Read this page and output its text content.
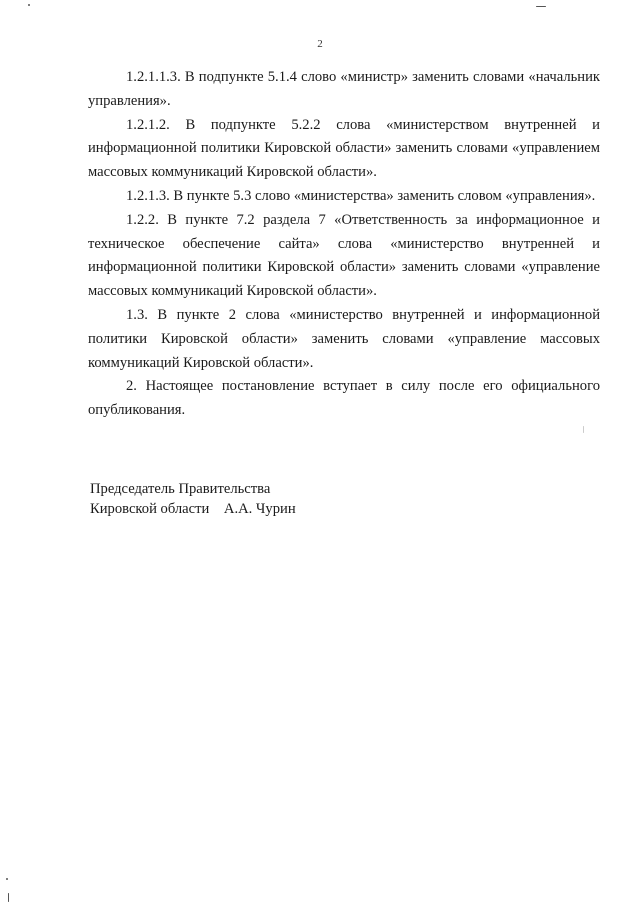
2

1.2.1.1.3. В подпункте 5.1.4 слово «министр» заменить словами «начальник управления».

1.2.1.2. В подпункте 5.2.2 слова «министерством внутренней и информационной политики Кировской области» заменить словами «управлением массовых коммуникаций Кировской области».

1.2.1.3. В пункте 5.3 слово «министерства» заменить словом «управления».

1.2.2. В пункте 7.2 раздела 7 «Ответственность за информационное и техническое обеспечение сайта» слова «министерство внутренней и информационной политики Кировской области» заменить словами «управление массовых коммуникаций Кировской области».

1.3. В пункте 2 слова «министерство внутренней и информационной политики Кировской области» заменить словами «управление массовых коммуникаций Кировской области».

2. Настоящее постановление вступает в силу после его официального опубликования.

Председатель Правительства
Кировской области    А.А. Чурин
